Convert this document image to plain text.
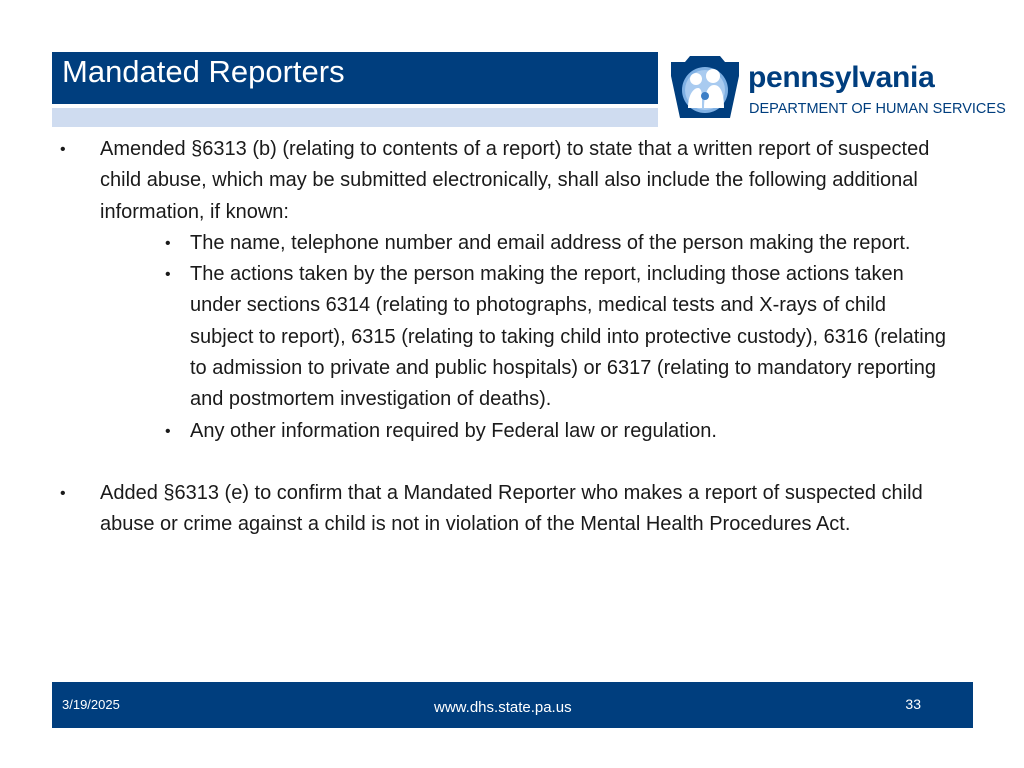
Mandated Reporters	pennsylvania
DEPARTMENT OF HUMAN SERVICES
• Amended §6313 (b) (relating to contents of a report) to state that a written report of suspected child abuse, which may be submitted electronically, shall also include the following additional information, if known:
• The name, telephone number and email address of the person making the report.
• The actions taken by the person making the report, including those actions taken under sections 6314 (relating to photographs, medical tests and X-rays of child subject to report), 6315 (relating to taking child into protective custody), 6316 (relating to admission to private and public hospitals) or 6317 (relating to mandatory reporting and postmortem investigation of deaths).
• Any other information required by Federal law or regulation.
• Added §6313 (e) to confirm that a Mandated Reporter who makes a report of suspected child abuse or crime against a child is not in violation of the Mental Health Procedures Act.
3/19/2025	www.dhs.state.pa.us	33
